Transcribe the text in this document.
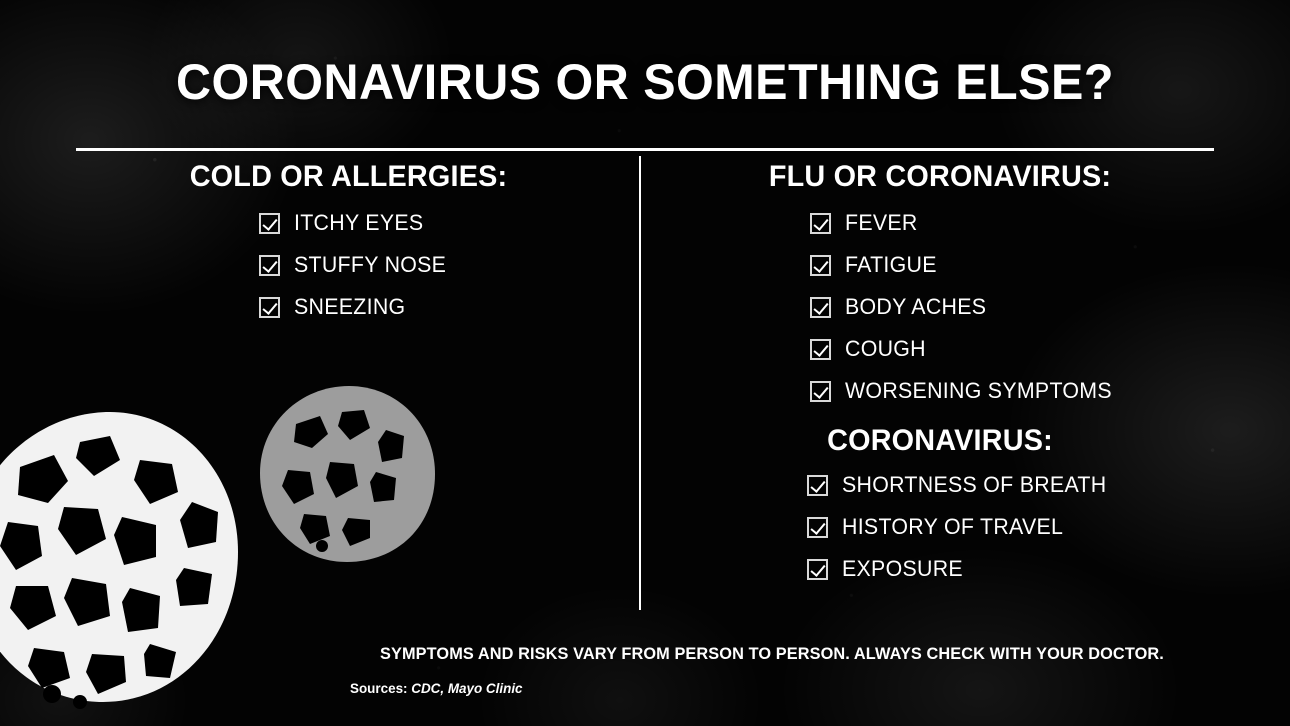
CORONAVIRUS OR SOMETHING ELSE?
COLD OR ALLERGIES:
ITCHY EYES
STUFFY NOSE
SNEEZING
FLU OR CORONAVIRUS:
FEVER
FATIGUE
BODY ACHES
COUGH
WORSENING SYMPTOMS
CORONAVIRUS:
SHORTNESS OF BREATH
HISTORY OF TRAVEL
EXPOSURE
SYMPTOMS AND RISKS VARY FROM PERSON TO PERSON. ALWAYS CHECK WITH YOUR DOCTOR.
Sources: CDC, Mayo Clinic
